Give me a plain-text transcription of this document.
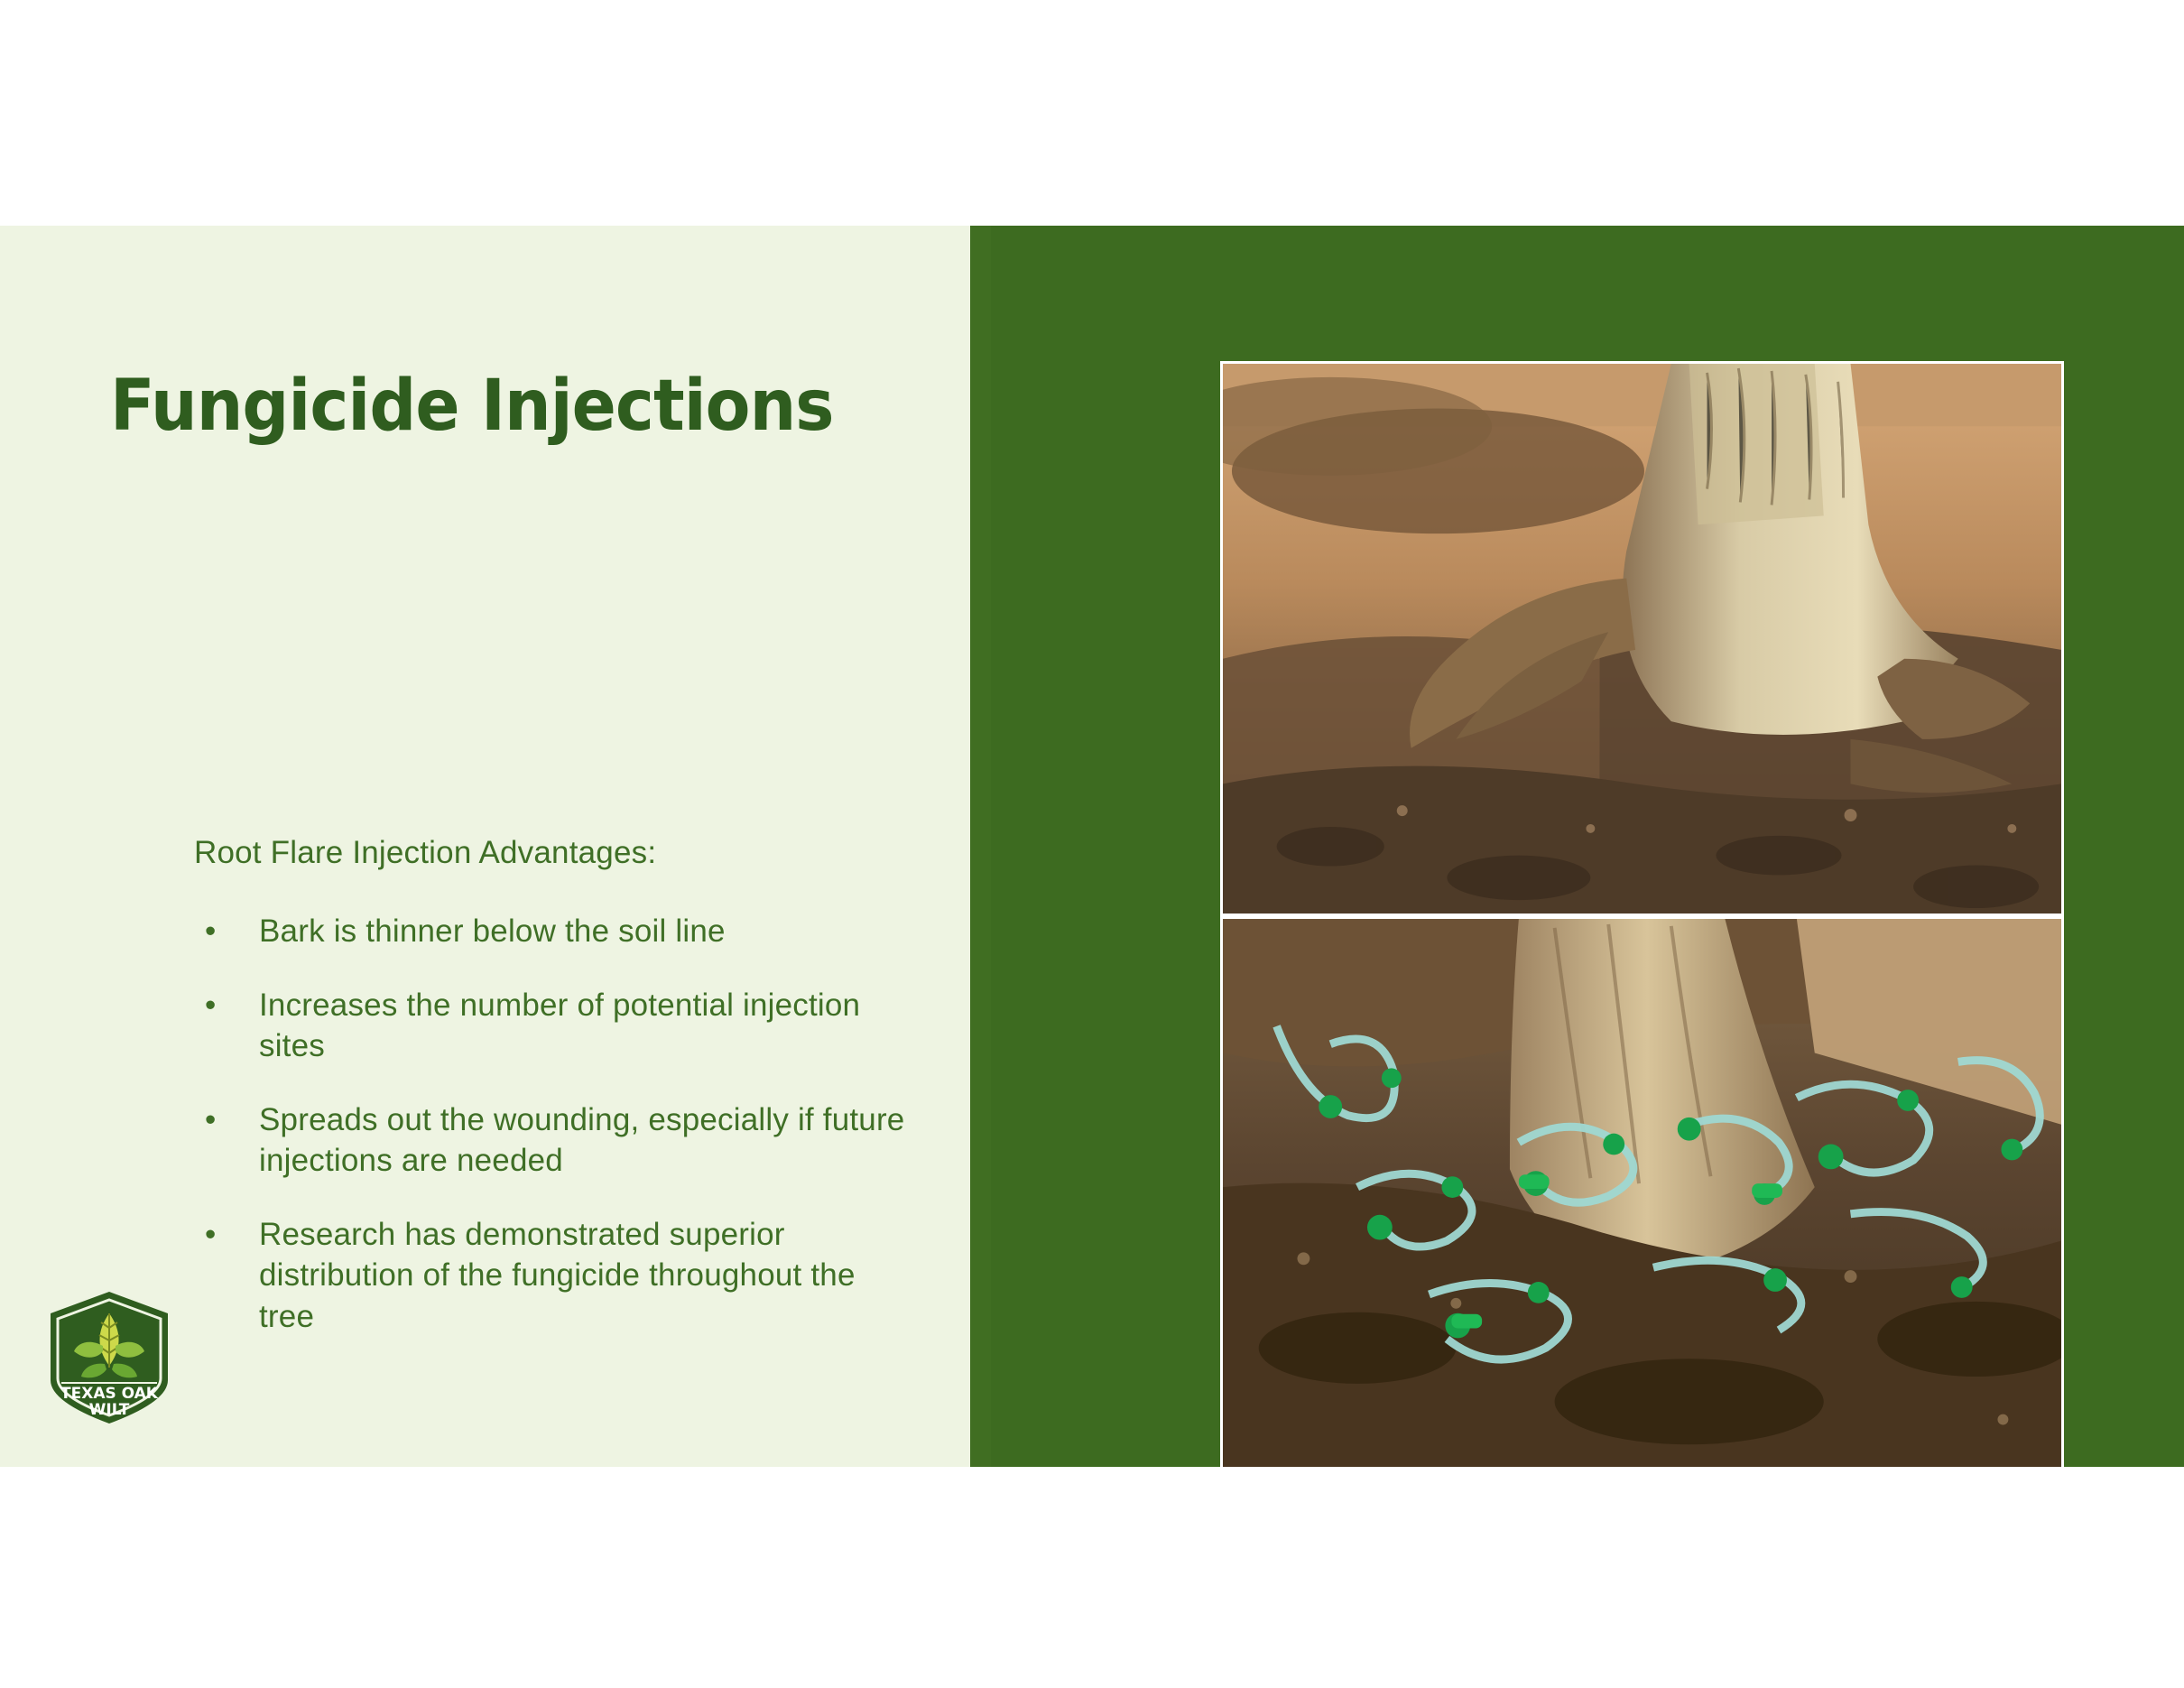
Fungicide Injections
Root Flare Injection Advantages:
• Bark is thinner below the soil line
• Increases the number of potential injection sites
• Spreads out the wounding, especially if future injections are needed
• Research has demonstrated superior distribution of the fungicide throughout the tree
TEXAS OAK
WILT
